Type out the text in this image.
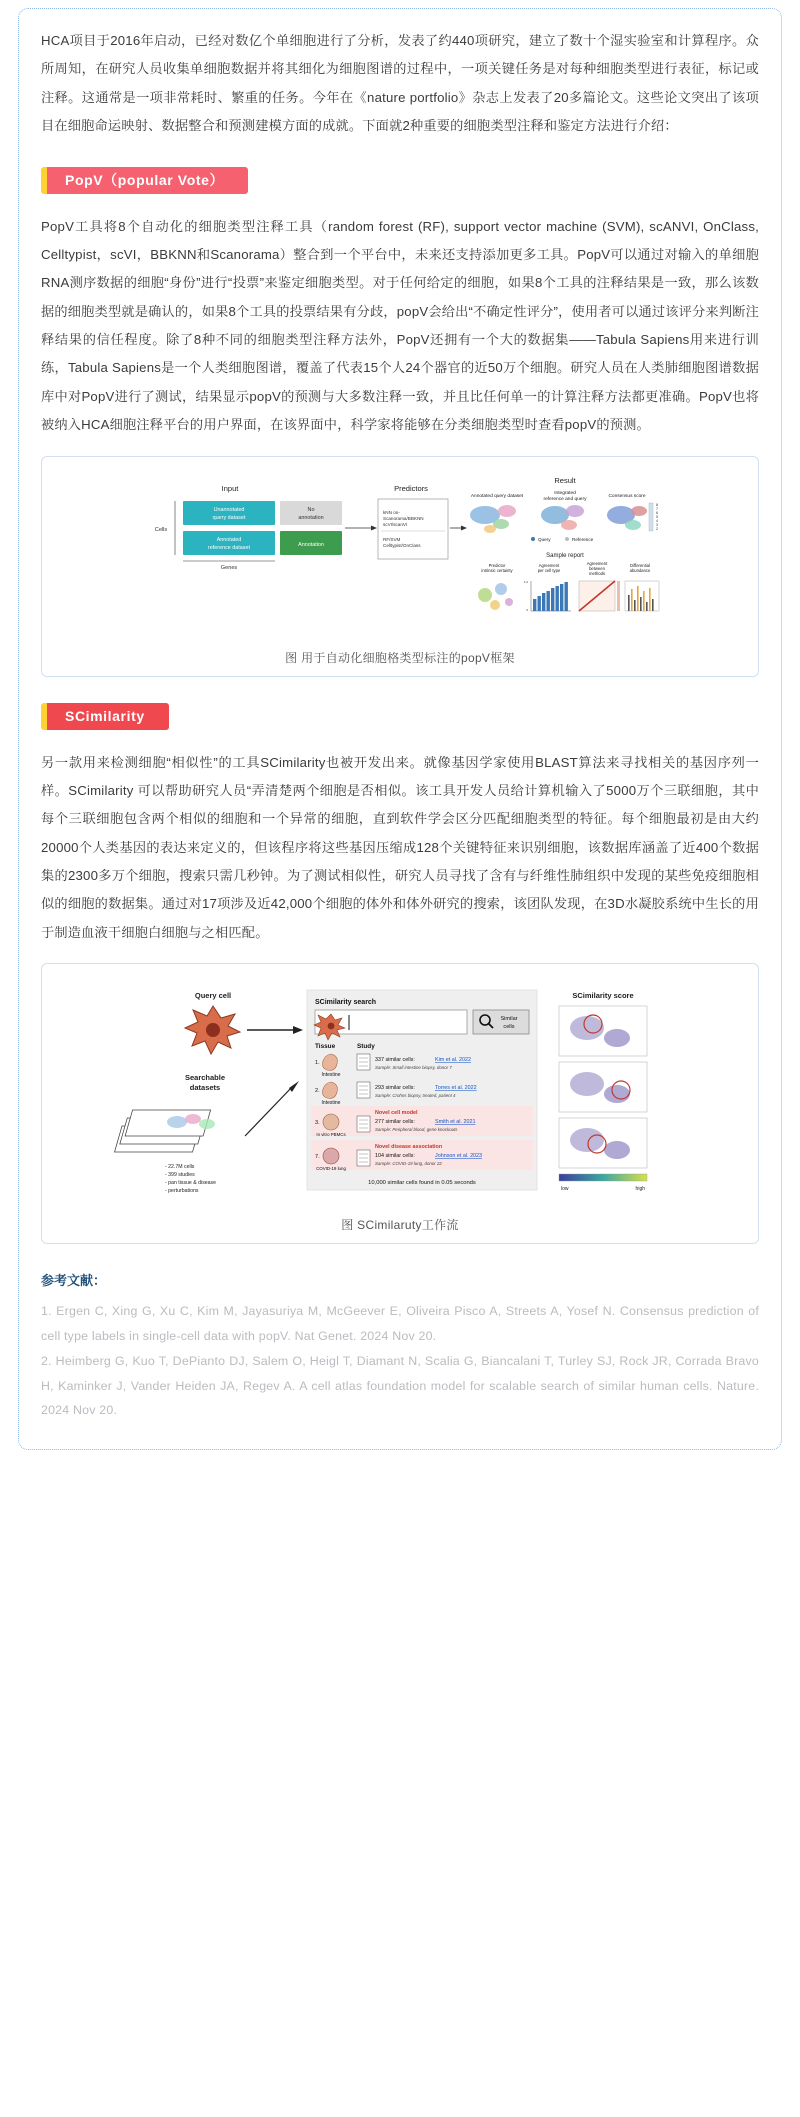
HCA项目于2016年启动，已经对数亿个单细胞进行了分析，发表了约440项研究，建立了数十个湿实验室和计算程序。众所周知，在研究人员收集单细胞数据并将其细化为细胞图谱的过程中，一项关键任务是对每种细胞类型进行表征，标记或注释。这通常是一项非常耗时、繁重的任务。今年在《nature portfolio》杂志上发表了20多篇论文。这些论文突出了该项目在细胞命运映射、数据整合和预测建模方面的成就。下面就2种重要的细胞类型注释和鉴定方法进行介绍：

PopV（popular Vote）

PopV工具将8个自动化的细胞类型注释工具（random forest (RF), support vector machine (SVM), scANVI, OnClass, Celltypist，scVI，BBKNN和Scanorama）整合到一个平台中，未来还支持添加更多工具。PopV可以通过对输入的单细胞RNA测序数据的细胞“身份”进行“投票”来鉴定细胞类型。对于任何给定的细胞，如果8个工具的注释结果是一致，那么该数据的细胞类型就是确认的，如果8个工具的投票结果有分歧，popV会给出“不确定性评分”，使用者可以通过该评分来判断注释结果的信任程度。除了8种不同的细胞类型注释方法外，PopV还拥有一个大的数据集——Tabula Sapiens用来进行训练，Tabula Sapiens是一个人类细胞图谱，覆盖了代表15个人24个器官的近50万个细胞。研究人员在人类肺细胞图谱数据库中对PopV进行了测试，结果显示popV的预测与大多数注释一致，并且比任何单一的计算注释方法都更准确。PopV也将被纳入HCA细胞注释平台的用户界面，在该界面中，科学家将能够在分类细胞类型时查看popV的预测。

Input
Unannotated
query dataset
No
annotation
Annotated
reference dataset	Annotation
Cells
Genes
Predictors
kNN on-
Scanorama/BBKNN
scVI/scanVI
RF/SVM
Celltypist/OnClass
Result
Annotated query dataset
Integrated
reference and query
Consensus score
8
7
6
5
4
3
2
Query	Reference
Sample report
Predictor
intrinsic certainty
Agreement
per cell type
Agreement
between
methods
Differential
abundance
1.0
0
图 用于自动化细胞格类型标注的popV框架
SCimilarity

另一款用来检测细胞“相似性”的工具SCimilarity也被开发出来。就像基因学家使用BLAST算法来寻找相关的基因序列一样。SCimilarity 可以帮助研究人员“弄清楚两个细胞是否相似。该工具开发人员给计算机输入了5000万个三联细胞，其中每个三联细胞包含两个相似的细胞和一个异常的细胞，直到软件学会区分匹配细胞类型的特征。每个细胞最初是由大约20000个人类基因的表达来定义的，但该程序将这些基因压缩成128个关键特征来识别细胞，该数据库涵盖了近400个数据集的2300多万个细胞，搜索只需几秒钟。为了测试相似性，研究人员寻找了含有与纤维性肺组织中发现的某些免疫细胞相似的细胞的数据集。通过对17项涉及近42,000个细胞的体外和体外研究的搜索，该团队发现，在3D水凝胶系统中生长的用于制造血液干细胞白细胞与之相匹配。

Query cell
Searchable
datasets
- 22.7M cells
- 399 studies
- pan tissue & disease
- perturbations
SCimilarity search
Similar
cells
Tissue	Study
1.
Intestine
337 similar cells:	Kim et al. 2022
Sample: Small intestine biopsy, donor 7
2.
Intestine
293 similar cells:	Torres et al. 2022
Sample: Crohns biopsy, treated, patient 4
3.
In vitro PBMCs
Novel cell model
277 similar cells:	Smith et al. 2021
Sample: Peripheral blood, gene knockouts
7.
COVID-19 lung
Novel disease association
104 similar cells:	Johnson et al. 2023
Sample: COVID-19 lung, donor 22
10,000 similar cells found in 0.05 seconds
SCimilarity score
low	high
图 SCimilaruty工作流
参考文献：
1. Ergen C, Xing G, Xu C, Kim M, Jayasuriya M, McGeever E, Oliveira Pisco A, Streets A, Yosef N. Consensus prediction of cell type labels in single-cell data with popV. Nat Genet. 2024 Nov 20.
2. Heimberg G, Kuo T, DePianto DJ, Salem O, Heigl T, Diamant N, Scalia G, Biancalani T, Turley SJ, Rock JR, Corrada Bravo H, Kaminker J, Vander Heiden JA, Regev A. A cell atlas foundation model for scalable search of similar human cells. Nature. 2024 Nov 20.
